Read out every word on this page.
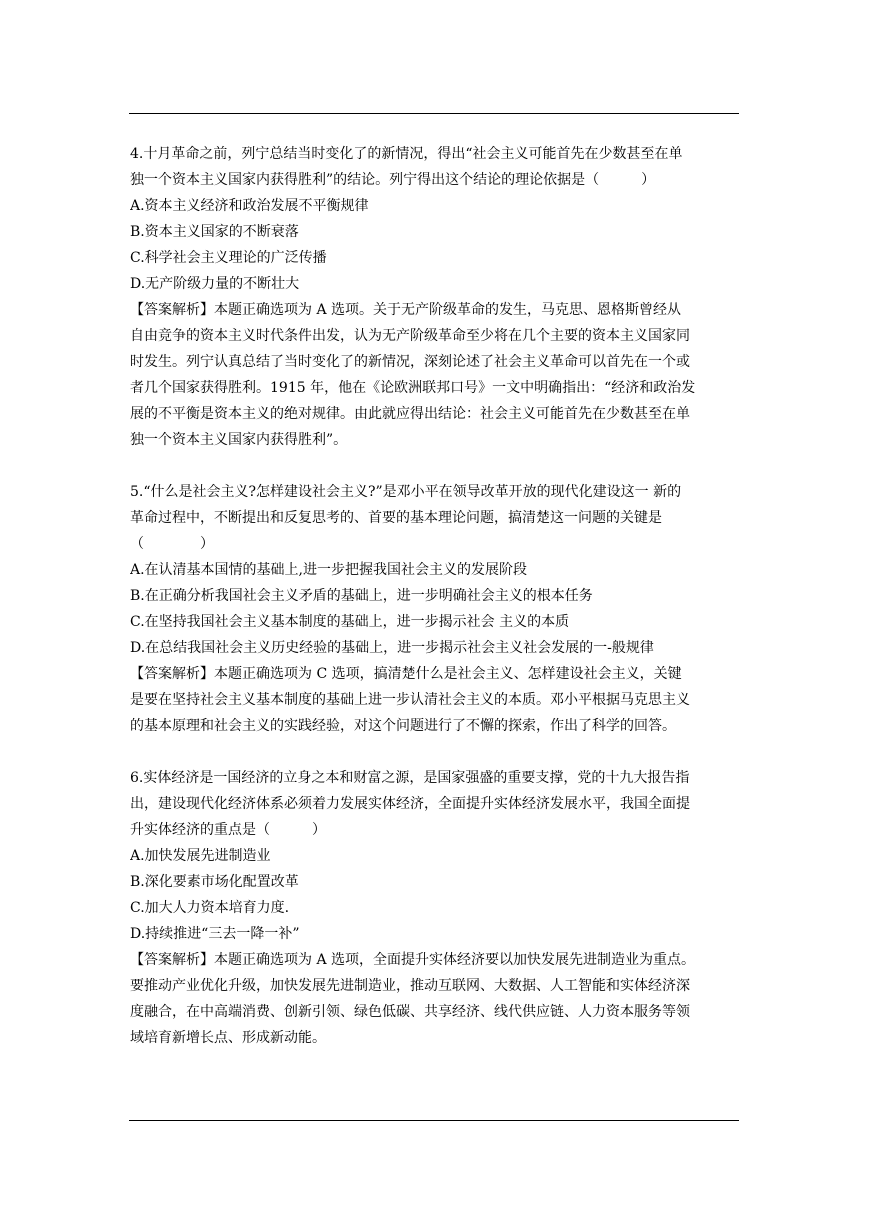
4.十月革命之前，列宁总结当时变化了的新情况，得出“社会主义可能首先在少数甚至在单
独一个资本主义国家内获得胜利”的结论。列宁得出这个结论的理论依据是（　　　）
A.资本主义经济和政治发展不平衡规律
B.资本主义国家的不断衰落
C.科学社会主义理论的广泛传播
D.无产阶级力量的不断壮大
【答案解析】本题正确选项为 A 选项。关于无产阶级革命的发生，马克思、恩格斯曾经从
自由竞争的资本主义时代条件出发，认为无产阶级革命至少将在几个主要的资本主义国家同
时发生。列宁认真总结了当时变化了的新情况，深刻论述了社会主义革命可以首先在一个或
者几个国家获得胜利。1915 年，他在《论欧洲联邦口号》一文中明确指出：“经济和政治发
展的不平衡是资本主义的绝对规律。由此就应得出结论：社会主义可能首先在少数甚至在单
独一个资本主义国家内获得胜利”。
5.“什么是社会主义?怎样建设社会主义?”是邓小平在领导改革开放的现代化建设这一 新的
革命过程中，不断提出和反复思考的、首要的基本理论问题，搞清楚这一问题的关键是
（　　　　）
A.在认清基本国情的基础上,进一步把握我国社会主义的发展阶段
B.在正确分析我国社会主义矛盾的基础上，进一步明确社会主义的根本任务
C.在坚持我国社会主义基本制度的基础上，进一步揭示社会 主义的本质
D.在总结我国社会主义历史经验的基础上，进一步揭示社会主义社会发展的一-般规律
【答案解析】本题正确选项为 C 选项，搞清楚什么是社会主义、怎样建设社会主义，关键
是要在坚持社会主义基本制度的基础上进一步认清社会主义的本质。邓小平根据马克思主义
的基本原理和社会主义的实践经验，对这个问题进行了不懈的探索，作出了科学的回答。
6.实体经济是一国经济的立身之本和财富之源，是国家强盛的重要支撑，党的十九大报告指
出，建设现代化经济体系必须着力发展实体经济，全面提升实体经济发展水平，我国全面提
升实体经济的重点是（　　　）
A.加快发展先进制造业
B.深化要素市场化配置改革
C.加大人力资本培育力度.
D.持续推进“三去一降一补”
【答案解析】本题正确选项为 A 选项，全面提升实体经济要以加快发展先进制造业为重点。
要推动产业优化升级，加快发展先进制造业，推动互联网、大数据、人工智能和实体经济深
度融合，在中高端消费、创新引领、绿色低碳、共享经济、线代供应链、人力资本服务等领
域培育新增长点、形成新动能。
